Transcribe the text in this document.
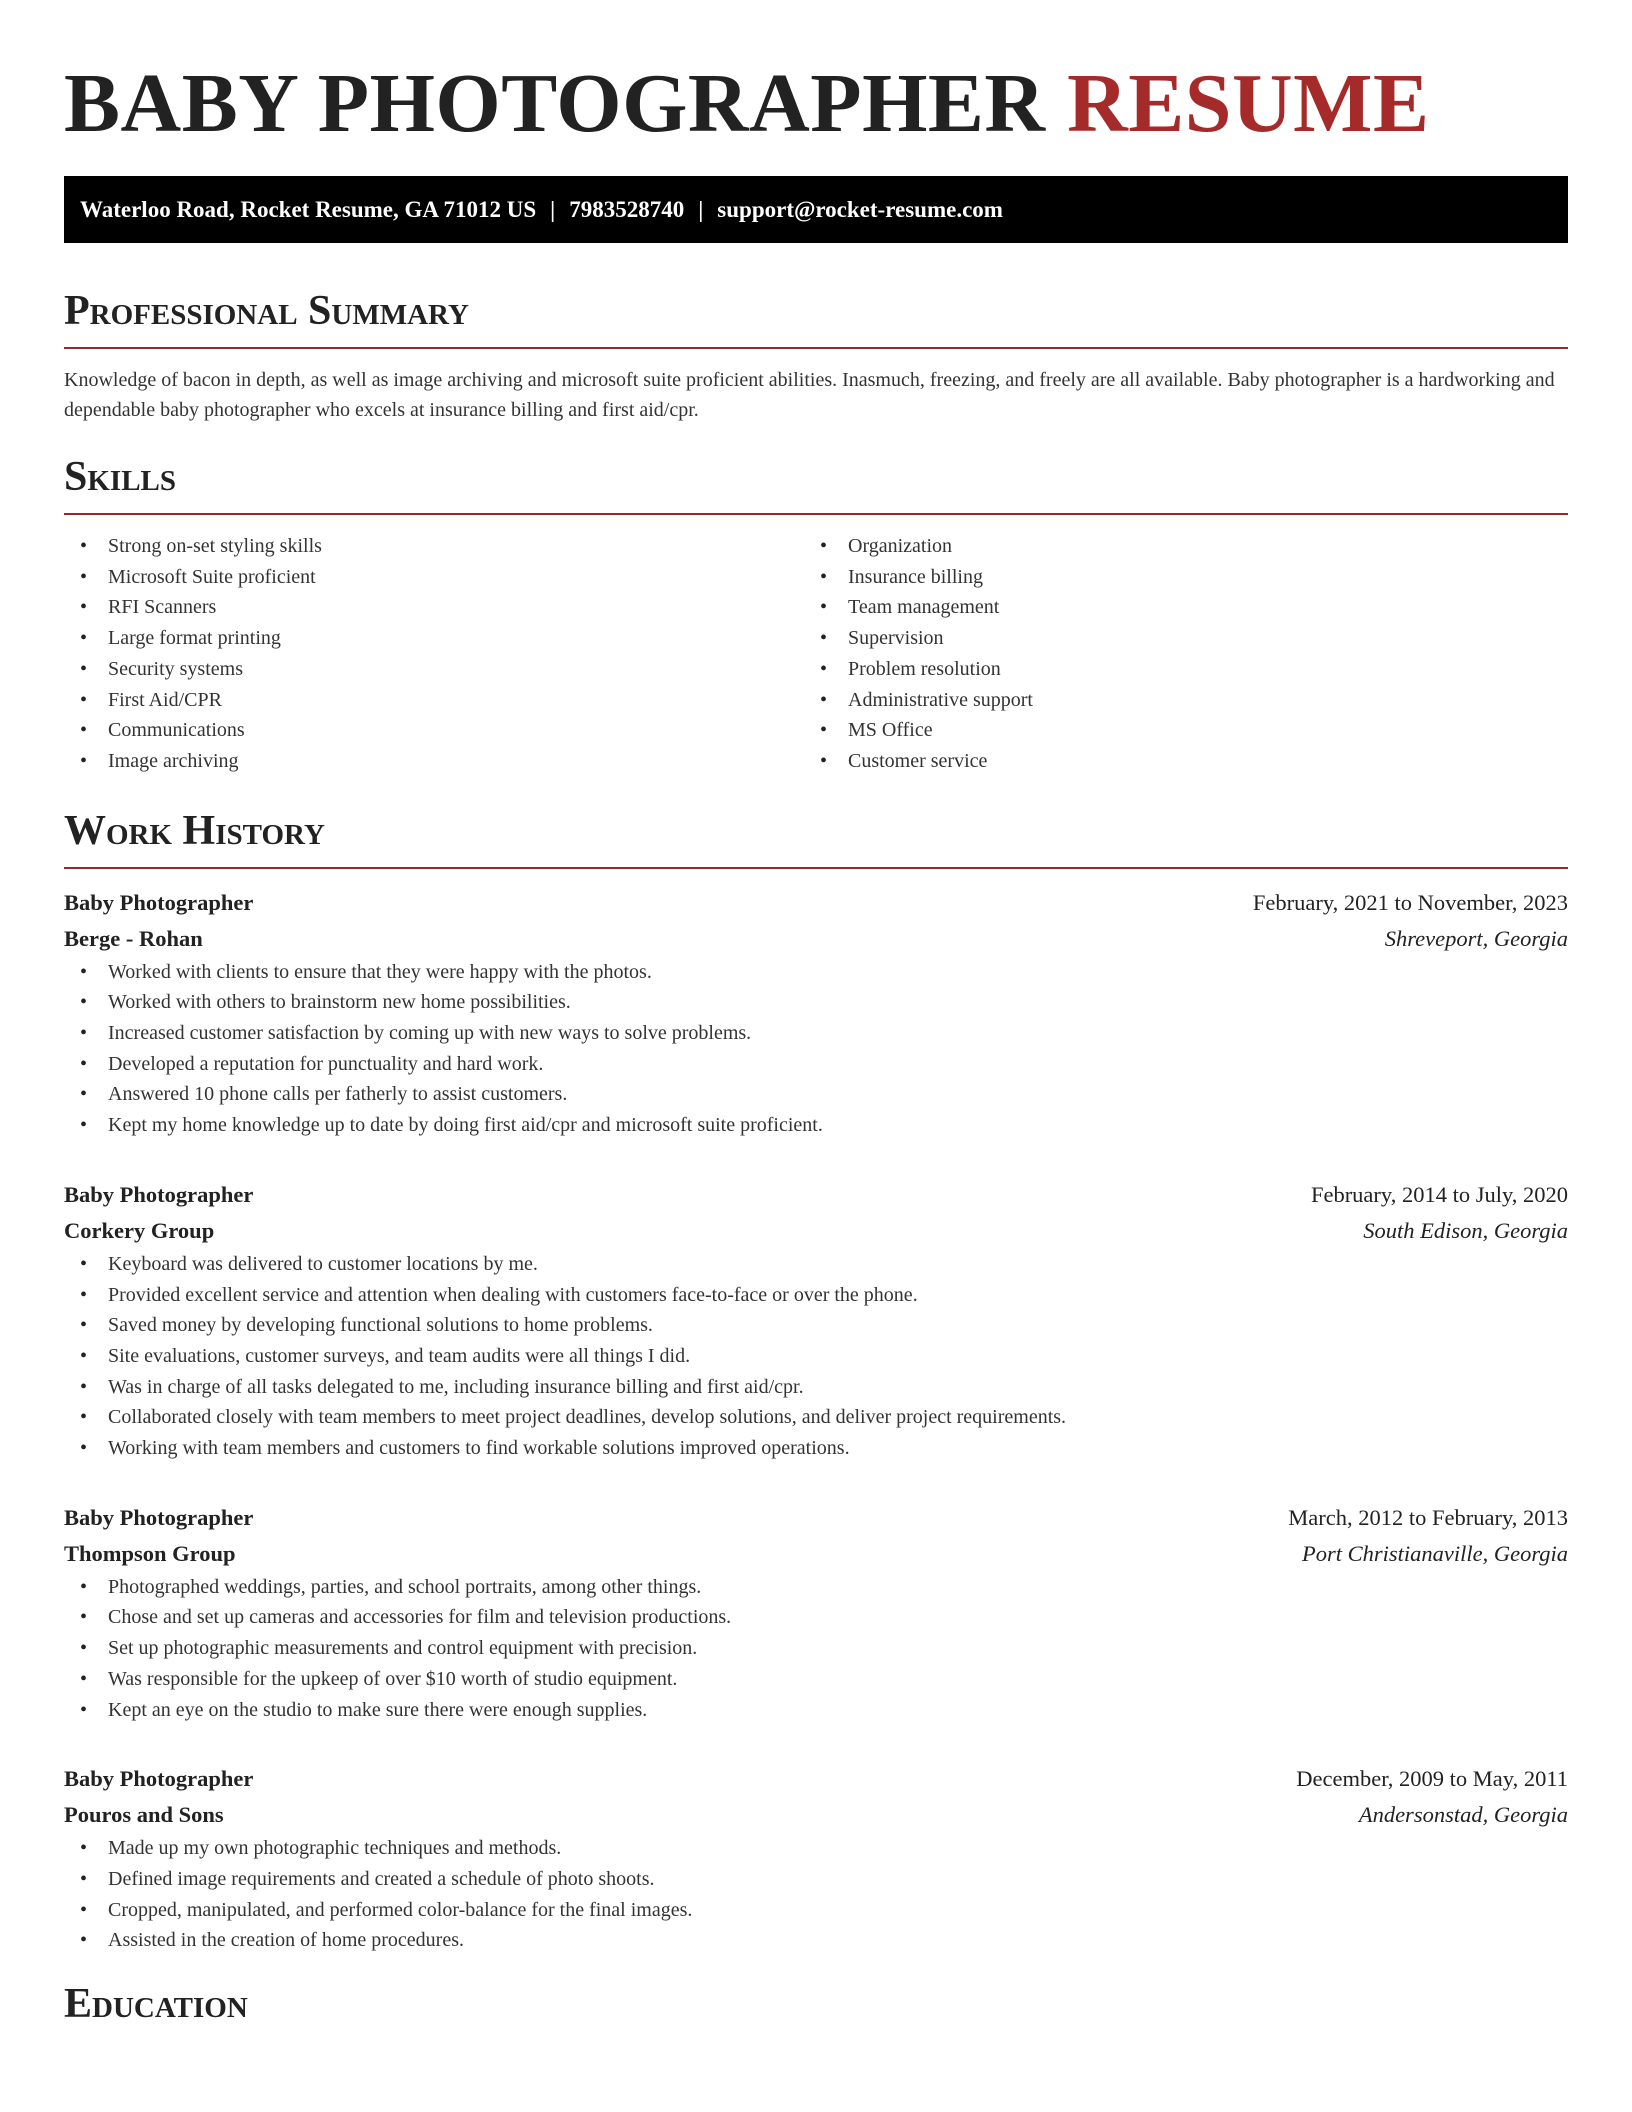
BABY PHOTOGRAPHER RESUME
Waterloo Road, Rocket Resume, GA 71012 US | 7983528740 | support@rocket-resume.com
Professional Summary

Knowledge of bacon in depth, as well as image archiving and microsoft suite proficient abilities. Inasmuch, freezing, and freely are all available. Baby photographer is a hardworking and dependable baby photographer who excels at insurance billing and first aid/cpr.

Skills
• Strong on-set styling skills
• Microsoft Suite proficient
• RFI Scanners
• Large format printing
• Security systems
• First Aid/CPR
• Communications
• Image archiving
• Organization
• Insurance billing
• Team management
• Supervision
• Problem resolution
• Administrative support
• MS Office
• Customer service
Work History
Baby Photographer	February, 2021 to November, 2023
Berge - Rohan	Shreveport, Georgia
• Worked with clients to ensure that they were happy with the photos.
• Worked with others to brainstorm new home possibilities.
• Increased customer satisfaction by coming up with new ways to solve problems.
• Developed a reputation for punctuality and hard work.
• Answered 10 phone calls per fatherly to assist customers.
• Kept my home knowledge up to date by doing first aid/cpr and microsoft suite proficient.
Baby Photographer	February, 2014 to July, 2020
Corkery Group	South Edison, Georgia
• Keyboard was delivered to customer locations by me.
• Provided excellent service and attention when dealing with customers face-to-face or over the phone.
• Saved money by developing functional solutions to home problems.
• Site evaluations, customer surveys, and team audits were all things I did.
• Was in charge of all tasks delegated to me, including insurance billing and first aid/cpr.
• Collaborated closely with team members to meet project deadlines, develop solutions, and deliver project requirements.
• Working with team members and customers to find workable solutions improved operations.
Baby Photographer	March, 2012 to February, 2013
Thompson Group	Port Christianaville, Georgia
• Photographed weddings, parties, and school portraits, among other things.
• Chose and set up cameras and accessories for film and television productions.
• Set up photographic measurements and control equipment with precision.
• Was responsible for the upkeep of over $10 worth of studio equipment.
• Kept an eye on the studio to make sure there were enough supplies.
Baby Photographer	December, 2009 to May, 2011
Pouros and Sons	Andersonstad, Georgia
• Made up my own photographic techniques and methods.
• Defined image requirements and created a schedule of photo shoots.
• Cropped, manipulated, and performed color-balance for the final images.
• Assisted in the creation of home procedures.
Education
